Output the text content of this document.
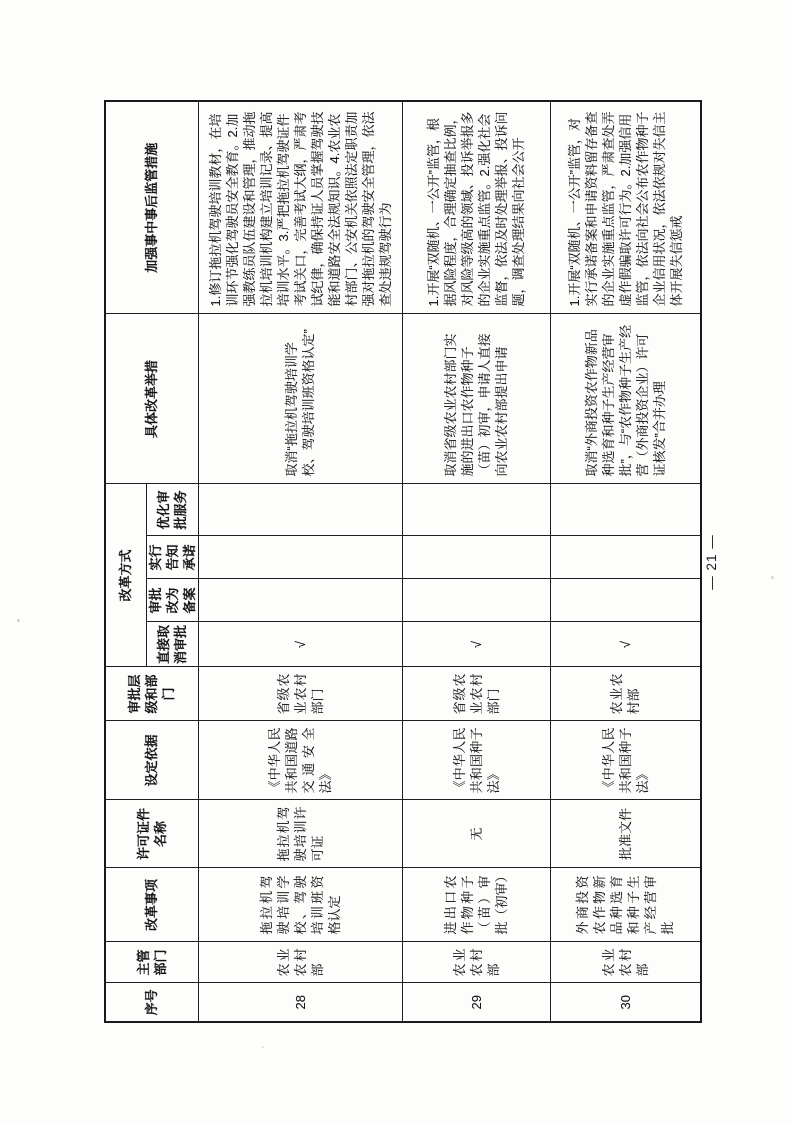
序号	主管部门	改革事项	许可证件名称	设定依据	审批层级和部门	改革方式				具体改革举措	加强事中事后监管措施
						直接取消审批	审批改为备案	实行告知承诺	优化审批服务		
28	农业农村部	拖拉机驾驶培训学校、驾驶培训班资格认定	拖拉机驾驶培训许可证	《中华人民共和国道路交通安全法》	省级农业农村部门	√				取消“拖拉机驾驶培训学校、驾驶培训班资格认定”	1.修订拖拉机驾驶培训教材，在培训环节强化驾驶员安全教育。2.加强教练员队伍建设和管理，推动拖拉机培训机构建立培训记录、提高培训水平。3.严把拖拉机驾驶证件考试关口，完善考试大纲，严肃考试纪律，确保持证人员掌握驾驶技能和道路安全法规知识。4.农业农村部门、公安机关依照法定职责加强对拖拉机的驾驶安全管理，依法查处违规驾驶行为
29	农业农村部	进出口农作物种子（苗）审批（初审）	无	《中华人民共和国种子法》	省级农业农村部门	√				取消省级农业农村部门实施的进出口农作物种子（苗）初审，申请人直接向农业农村部提出申请	1.开展“双随机、一公开”监管，根据风险程度，合理确定抽查比例，对风险等级高的领域、投诉举报多的企业实施重点监管。2.强化社会监督，依法及时处理举报、投诉问题，调查处理结果向社会公开
30	农业农村部	外商投资农作物新品种选育和种子生产经营审批	批准文件	《中华人民共和国种子法》	农业农村部	√				取消“外商投资农作物新品种选育和种子生产经营审批”，与“农作物种子生产经营（外商投资企业）许可证核发”合并办理	1.开展“双随机、一公开”监管，对实行承诺备案和申请资料留存备查的企业实施重点监管，严肃查处弄虚作假骗取许可行为。2.加强信用监管，依法向社会公布农作物种子企业信用状况，依法依规对失信主体开展失信惩戒
— 21 —
